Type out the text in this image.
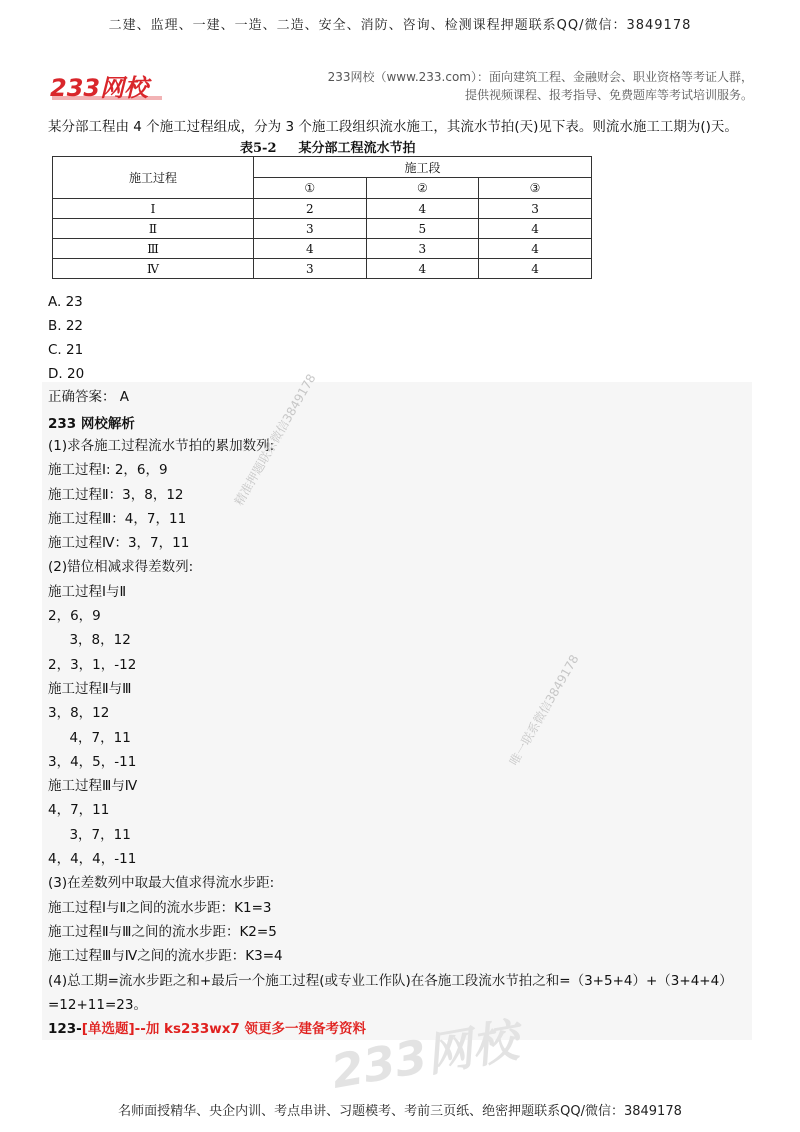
二建、监理、一建、一造、二造、安全、消防、咨询、检测课程押题联系QQ/微信：3849178
233网校	233网校（www.233.com）：面向建筑工程、金融财会、职业资格等考证人群，
提供视频课程、报考指导、免费题库等考试培训服务。
某分部工程由 4 个施工过程组成，分为 3 个施工段组织流水施工，其流水节拍(天)见下表。则流水施工工期为()天。
表5-2 某分部工程流水节拍
施工过程	施工段		
	①	②	③
Ⅰ	2	4	3
Ⅱ	3	5	4
Ⅲ	4	3	4
Ⅳ	3	4	4
A. 23
B. 22
C. 21
D. 20
正确答案： A
233 网校解析
(1)求各施工过程流水节拍的累加数列:
施工过程Ⅰ: 2，6，9
施工过程Ⅱ：3，8，12
施工过程Ⅲ：4，7，11
施工过程Ⅳ：3，7，11
(2)错位相减求得差数列:
施工过程Ⅰ与Ⅱ
2，6，9
3，8，12
2，3，1，-12
施工过程Ⅱ与Ⅲ
3，8，12
4，7，11
3，4，5，-11
施工过程Ⅲ与Ⅳ
4，7，11
3，7，11
4，4，4，-11
(3)在差数列中取最大值求得流水步距:
施工过程Ⅰ与Ⅱ之间的流水步距：K1=3
施工过程Ⅱ与Ⅲ之间的流水步距：K2=5
施工过程Ⅲ与Ⅳ之间的流水步距：K3=4
(4)总工期=流水步距之和+最后一个施工过程(或专业工作队)在各施工段流水节拍之和=（3+5+4）+（3+4+4）
=12+11=23。
精准押题联系微信3849178
唯一联系微信3849178
233网校
123-[单选题]--加 ks233wx7 领更多一建备考资料
名师面授精华、央企内训、考点串讲、习题模考、考前三页纸、绝密押题联系QQ/微信：3849178
